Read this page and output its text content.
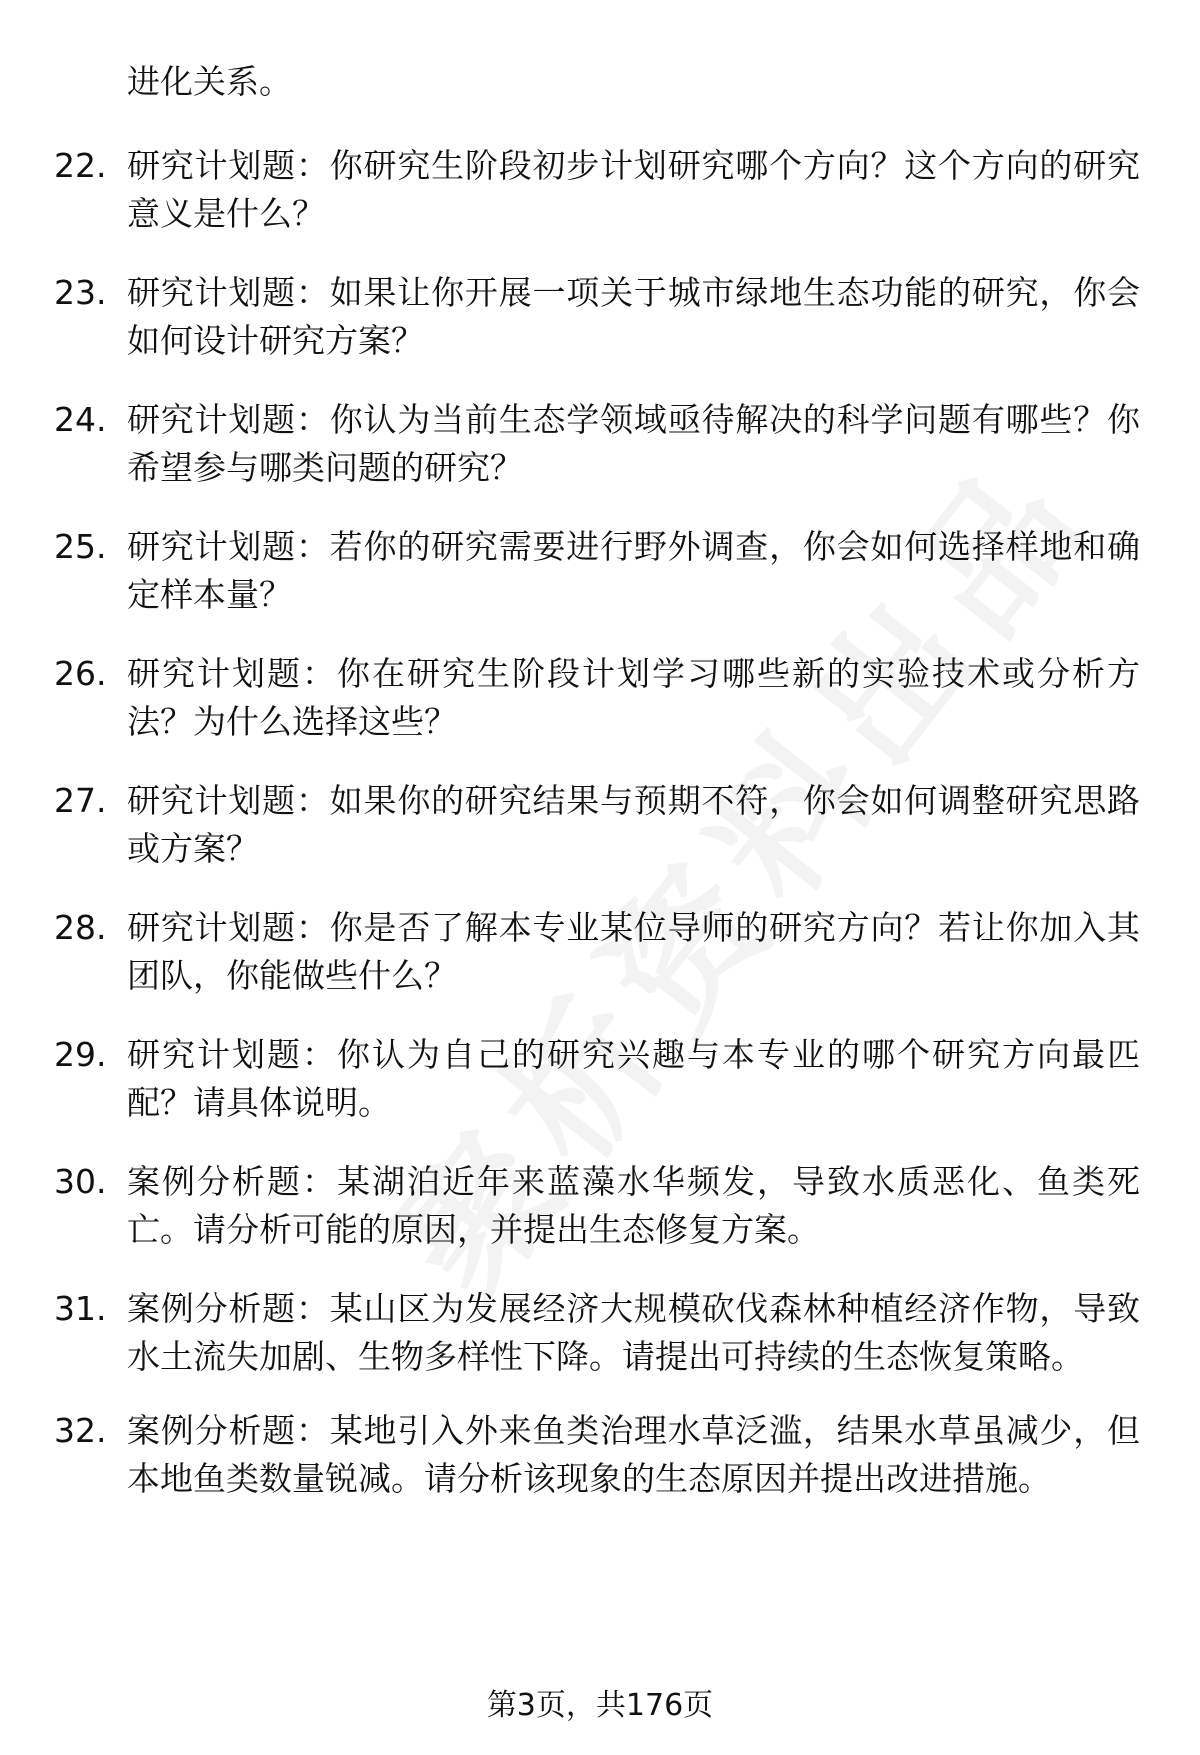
进化关系。

22. 研究计划题：你研究生阶段初步计划研究哪个方向？这个方向的研究意义是什么？
23. 研究计划题：如果让你开展一项关于城市绿地生态功能的研究，你会如何设计研究方案？
24. 研究计划题：你认为当前生态学领域亟待解决的科学问题有哪些？你希望参与哪类问题的研究？
25. 研究计划题：若你的研究需要进行野外调查，你会如何选择样地和确定样本量？
26. 研究计划题：你在研究生阶段计划学习哪些新的实验技术或分析方法？为什么选择这些？
27. 研究计划题：如果你的研究结果与预期不符，你会如何调整研究思路或方案？
28. 研究计划题：你是否了解本专业某位导师的研究方向？若让你加入其团队，你能做些什么？
29. 研究计划题：你认为自己的研究兴趣与本专业的哪个研究方向最匹配？请具体说明。
30. 案例分析题：某湖泊近年来蓝藻水华频发，导致水质恶化、鱼类死亡。请分析可能的原因，并提出生态修复方案。
31. 案例分析题：某山区为发展经济大规模砍伐森林种植经济作物，导致水土流失加剧、生物多样性下降。请提出可持续的生态恢复策略。
32. 案例分析题：某地引入外来鱼类治理水草泛滥，结果水草虽减少，但本地鱼类数量锐减。请分析该现象的生态原因并提出改进措施。
第3页，共176页
